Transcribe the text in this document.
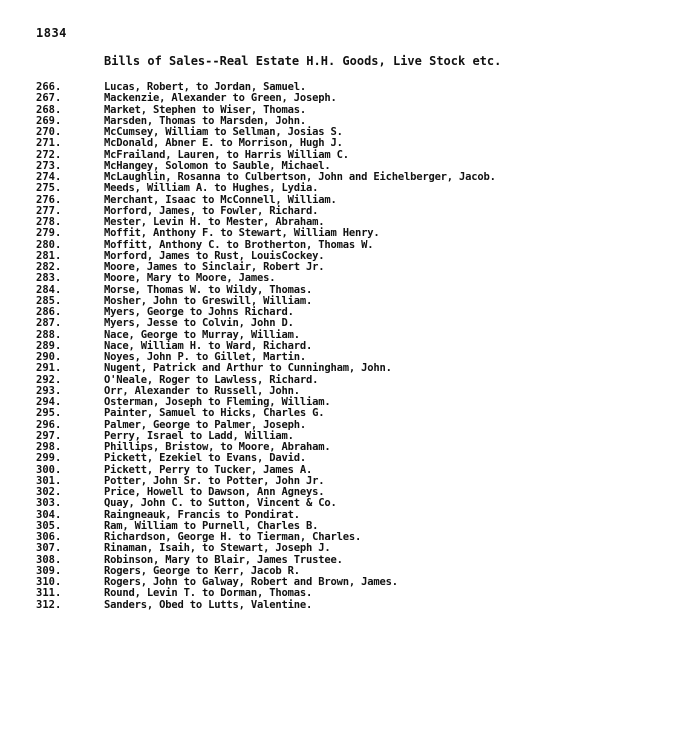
1834
Bills of Sales--Real Estate H.H. Goods, Live Stock etc.
266.	Lucas, Robert, to Jordan, Samuel.
267.	Mackenzie, Alexander to Green, Joseph.
268.	Market, Stephen to Wiser, Thomas.
269.	Marsden, Thomas to Marsden, John.
270.	McCumsey, William to Sellman, Josias S.
271.	McDonald, Abner E. to Morrison, Hugh J.
272.	McFrailand, Lauren, to Harris William C.
273.	McHangey, Solomon to Sauble, Michael.
274.	McLaughlin, Rosanna to Culbertson, John and Eichelberger, Jacob.
275.	Meeds, William A. to Hughes, Lydia.
276.	Merchant, Isaac to McConnell, William.
277.	Morford, James, to Fowler, Richard.
278.	Mester, Levin H. to Mester, Abraham.
279.	Moffit, Anthony F. to Stewart, William Henry.
280.	Moffitt, Anthony C. to Brotherton, Thomas W.
281.	Morford, James to Rust, LouisCockey.
282.	Moore, James to Sinclair, Robert Jr.
283.	Moore, Mary to Moore, James.
284.	Morse, Thomas W. to Wildy, Thomas.
285.	Mosher, John to Greswill, William.
286.	Myers, George to Johns Richard.
287.	Myers, Jesse to Colvin, John D.
288.	Nace, George to Murray, William.
289.	Nace, William H. to Ward, Richard.
290.	Noyes, John P. to Gillet, Martin.
291.	Nugent, Patrick and Arthur to Cunningham, John.
292.	O'Neale, Roger to Lawless, Richard.
293.	Orr, Alexander to Russell, John.
294.	Osterman, Joseph to Fleming, William.
295.	Painter, Samuel to Hicks, Charles G.
296.	Palmer, George to Palmer, Joseph.
297.	Perry, Israel to Ladd, William.
298.	Phillips, Bristow, to Moore, Abraham.
299.	Pickett, Ezekiel to Evans, David.
300.	Pickett, Perry to Tucker, James A.
301.	Potter, John Sr. to Potter, John Jr.
302.	Price, Howell to Dawson, Ann Agneys.
303.	Quay, John C. to Sutton, Vincent & Co.
304.	Raingneauk, Francis to Pondirat.
305.	Ram, William to Purnell, Charles B.
306.	Richardson, George H. to Tierman, Charles.
307.	Rinaman, Isaih, to Stewart, Joseph J.
308.	Robinson, Mary to Blair, James Trustee.
309.	Rogers, George to Kerr, Jacob R.
310.	Rogers, John to Galway, Robert and Brown, James.
311.	Round, Levin T. to Dorman, Thomas.
312.	Sanders, Obed to Lutts, Valentine.
